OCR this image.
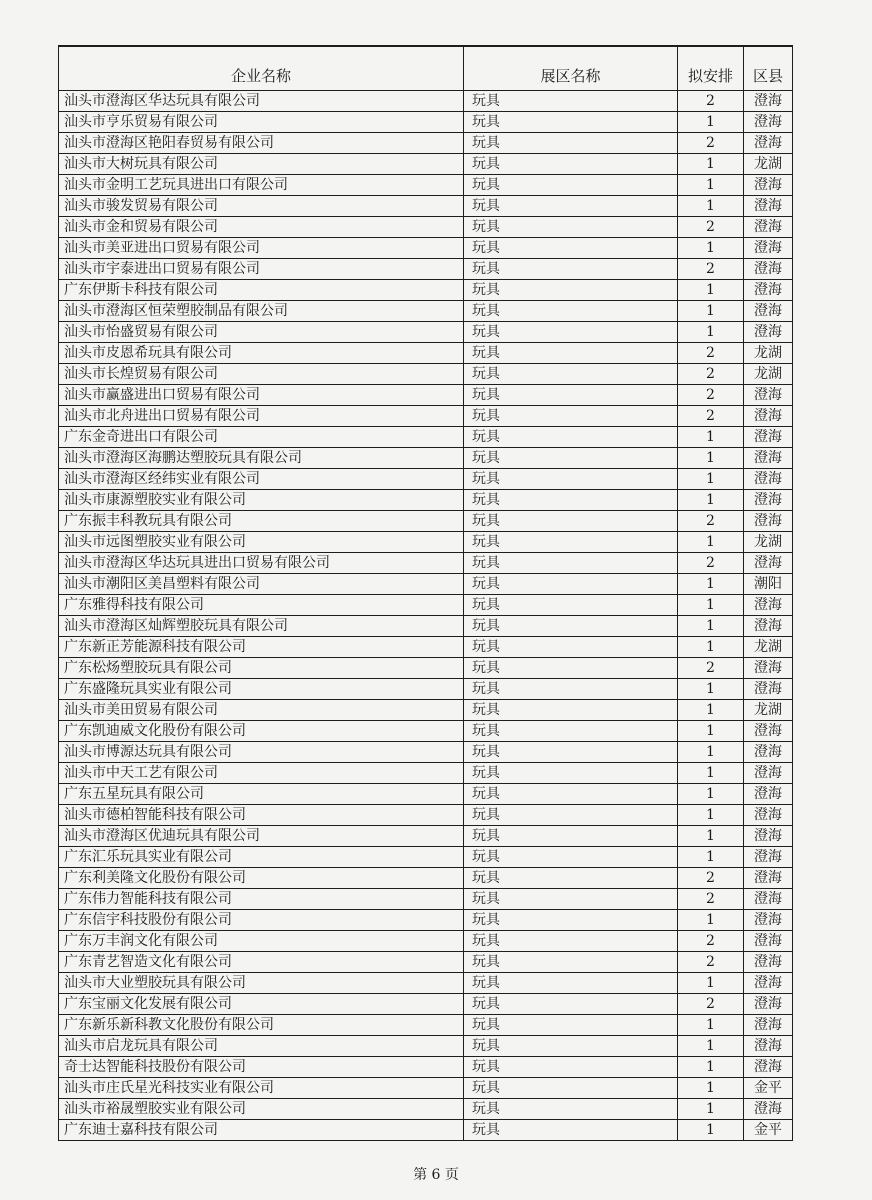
企业名称	展区名称	拟安排	区县
汕头市澄海区华达玩具有限公司	玩具	2	澄海
汕头市亨乐贸易有限公司	玩具	1	澄海
汕头市澄海区艳阳春贸易有限公司	玩具	2	澄海
汕头市大树玩具有限公司	玩具	1	龙湖
汕头市金明工艺玩具进出口有限公司	玩具	1	澄海
汕头市骏发贸易有限公司	玩具	1	澄海
汕头市金和贸易有限公司	玩具	2	澄海
汕头市美亚进出口贸易有限公司	玩具	1	澄海
汕头市宇泰进出口贸易有限公司	玩具	2	澄海
广东伊斯卡科技有限公司	玩具	1	澄海
汕头市澄海区恒荣塑胶制品有限公司	玩具	1	澄海
汕头市怡盛贸易有限公司	玩具	1	澄海
汕头市皮恩希玩具有限公司	玩具	2	龙湖
汕头市长煌贸易有限公司	玩具	2	龙湖
汕头市赢盛进出口贸易有限公司	玩具	2	澄海
汕头市北舟进出口贸易有限公司	玩具	2	澄海
广东金奇进出口有限公司	玩具	1	澄海
汕头市澄海区海鹏达塑胶玩具有限公司	玩具	1	澄海
汕头市澄海区经纬实业有限公司	玩具	1	澄海
汕头市康源塑胶实业有限公司	玩具	1	澄海
广东振丰科教玩具有限公司	玩具	2	澄海
汕头市远图塑胶实业有限公司	玩具	1	龙湖
汕头市澄海区华达玩具进出口贸易有限公司	玩具	2	澄海
汕头市潮阳区美昌塑料有限公司	玩具	1	潮阳
广东雅得科技有限公司	玩具	1	澄海
汕头市澄海区灿辉塑胶玩具有限公司	玩具	1	澄海
广东新正芳能源科技有限公司	玩具	1	龙湖
广东松炀塑胶玩具有限公司	玩具	2	澄海
广东盛隆玩具实业有限公司	玩具	1	澄海
汕头市美田贸易有限公司	玩具	1	龙湖
广东凯迪威文化股份有限公司	玩具	1	澄海
汕头市博源达玩具有限公司	玩具	1	澄海
汕头市中天工艺有限公司	玩具	1	澄海
广东五星玩具有限公司	玩具	1	澄海
汕头市德柏智能科技有限公司	玩具	1	澄海
汕头市澄海区优迪玩具有限公司	玩具	1	澄海
广东汇乐玩具实业有限公司	玩具	1	澄海
广东利美隆文化股份有限公司	玩具	2	澄海
广东伟力智能科技有限公司	玩具	2	澄海
广东信宇科技股份有限公司	玩具	1	澄海
广东万丰润文化有限公司	玩具	2	澄海
广东青艺智造文化有限公司	玩具	2	澄海
汕头市大业塑胶玩具有限公司	玩具	1	澄海
广东宝丽文化发展有限公司	玩具	2	澄海
广东新乐新科教文化股份有限公司	玩具	1	澄海
汕头市启龙玩具有限公司	玩具	1	澄海
奇士达智能科技股份有限公司	玩具	1	澄海
汕头市庄氏星光科技实业有限公司	玩具	1	金平
汕头市裕晟塑胶实业有限公司	玩具	1	澄海
广东迪士嘉科技有限公司	玩具	1	金平
第 6 页
